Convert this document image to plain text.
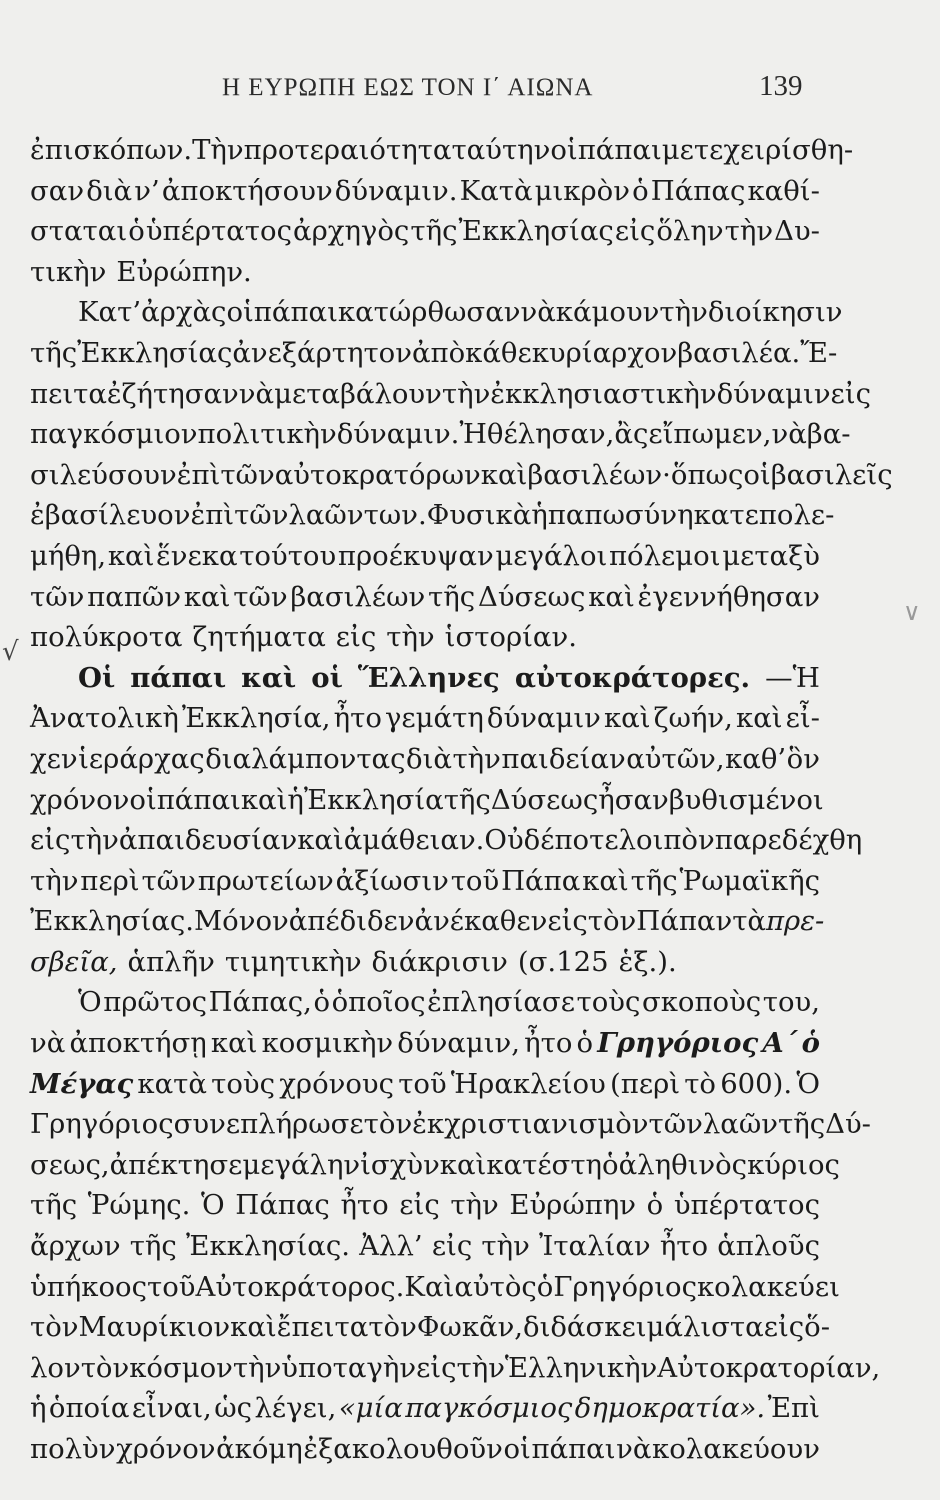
Η ΕΥΡΩΠΗ ΕΩΣ ΤΟΝ Ι΄ ΑΙΩΝΑ	139
√
∨
ἐπισκόπων. Τὴν προτεραιότητα ταύτην οἱ πάπαι μετεχειρίσθη-
σαν διὰ ν’ ἀποκτήσουν δύναμιν. Κατὰ μικρὸν ὁ Πάπας καθί-
σταται ὁ ὑπέρτατος ἀρχηγὸς τῆς Ἐκκλησίας εἰς ὅλην τὴν Δυ-
τικὴν Εὐρώπην.
Κατ’ ἀρχὰς οἱ πάπαι κατώρθωσαν νὰ κάμουν τὴν διοίκησιν
τῆς Ἐκκλησίας ἀνεξάρτητον ἀπὸ κάθε κυρίαρχον βασιλέα. Ἔ-
πειτα ἐζήτησαν νὰ μεταβάλουν τὴν ἐκκλησιαστικὴν δύναμιν εἰς
παγκόσμιον πολιτικὴν δύναμιν. Ἠθέλησαν, ἂς εἴπωμεν, νὰ βα-
σιλεύσουν ἐπὶ τῶν αὐτοκρατόρων καὶ βασιλέων· ὅπως οἱ βασιλεῖς
ἐβασίλευον ἐπὶ τῶν λαῶν των. Φυσικὰ ἡ παπωσύνη κατεπολε-
μήθη, καὶ ἕνεκα τούτου προέκυψαν μεγάλοι πόλεμοι μεταξὺ
τῶν παπῶν καὶ τῶν βασιλέων τῆς Δύσεως καὶ ἐγεννήθησαν
πολύκροτα ζητήματα εἰς τὴν ἱστορίαν.
Οἱ πάπαι καὶ οἱ Ἕλληνες αὐτοκράτορες. —Ἡ
Ἀνατολικὴ Ἐκκλησία, ἦτο γεμάτη δύναμιν καὶ ζωήν, καὶ εἶ-
χεν ἱεράρχας διαλάμποντας διὰ τὴν παιδείαν αὐτῶν, καθ’ ὃν
χρόνον οἱ πάπαι καὶ ἡ Ἐκκλησία τῆς Δύσεως ἦσαν βυθισμένοι
εἰς τὴν ἀπαιδευσίαν καὶ ἀμάθειαν. Οὐδέποτε λοιπὸν παρεδέχθη
τὴν περὶ τῶν πρωτείων ἀξίωσιν τοῦ Πάπα καὶ τῆς Ῥωμαϊκῆς
Ἐκκλησίας. Μόνον ἀπέδιδεν ἀνέκαθεν εἰς τὸν Πάπαν τὰ πρε-
σβεῖα, ἁπλῆν τιμητικὴν διάκρισιν (σ.125 ἑξ.).
Ὁ πρῶτος Πάπας, ὁ ὁποῖος ἐπλησίασε τοὺς σκοποὺς του,
νὰ ἀποκτήσῃ καὶ κοσμικὴν δύναμιν, ἦτο ὁ Γρηγόριος Α΄ ὁ
Μέγας κατὰ τοὺς χρόνους τοῦ Ἡρακλείου (περὶ τὸ 600). Ὁ
Γρηγόριος συνεπλήρωσε τὸν ἐκχριστιανισμὸν τῶν λαῶν τῆς Δύ-
σεως, ἀπέκτησε μεγάλην ἰσχὺν καὶ κατέστη ὁ ἀληθινὸς κύριος
τῆς Ῥώμης. Ὁ Πάπας ἦτο εἰς τὴν Εὐρώπην ὁ ὑπέρτατος
ἄρχων τῆς Ἐκκλησίας. Ἀλλ’ εἰς τὴν Ἰταλίαν ἦτο ἁπλοῦς
ὑπήκοος τοῦ Αὐτοκράτορος. Καὶ αὐτὸς ὁ Γρηγόριος κολακεύει
τὸν Μαυρίκιον καὶ ἔπειτα τὸν Φωκᾶν, διδάσκει μάλιστα εἰς ὅ-
λον τὸν κόσμον τὴν ὑποταγὴν εἰς τὴν Ἑλληνικὴν Αὐτοκρατορίαν,
ἡ ὁποία εἶναι, ὡς λέγει, «μία παγκόσμιος δημοκρατία». Ἐπὶ
πολὺν χρόνον ἀκόμη ἐξακολουθοῦν οἱ πάπαι νὰ κολακεύουν
